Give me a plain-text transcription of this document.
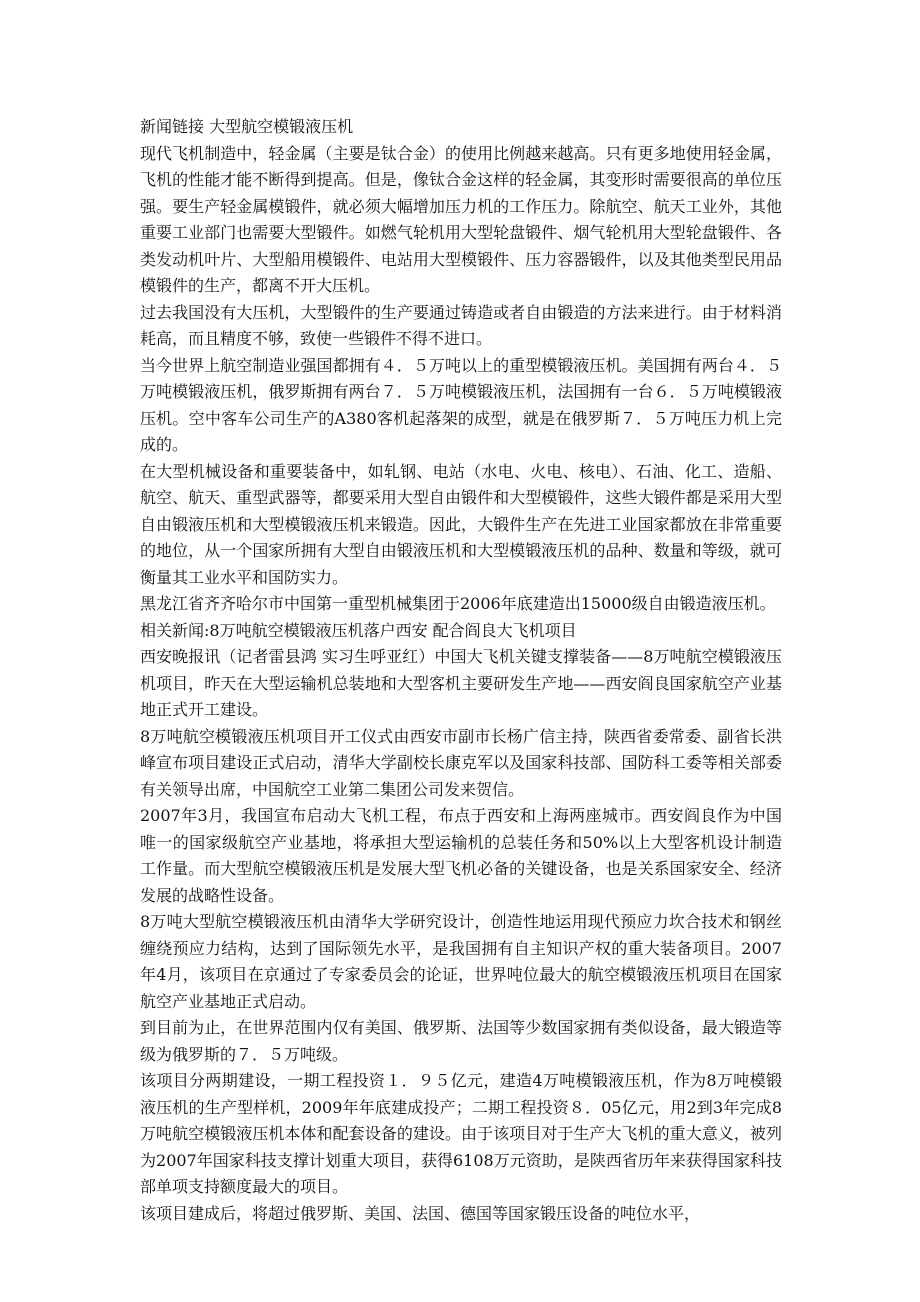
新闻链接 大型航空模锻液压机

现代飞机制造中，轻金属（主要是钛合金）的使用比例越来越高。只有更多地使用轻金属，飞机的性能才能不断得到提高。但是，像钛合金这样的轻金属，其变形时需要很高的单位压强。要生产轻金属模锻件，就必须大幅增加压力机的工作压力。除航空、航天工业外，其他重要工业部门也需要大型锻件。如燃气轮机用大型轮盘锻件、烟气轮机用大型轮盘锻件、各类发动机叶片、大型船用模锻件、电站用大型模锻件、压力容器锻件，以及其他类型民用品模锻件的生产，都离不开大压机。

过去我国没有大压机，大型锻件的生产要通过铸造或者自由锻造的方法来进行。由于材料消耗高，而且精度不够，致使一些锻件不得不进口。

当今世界上航空制造业强国都拥有４．５万吨以上的重型模锻液压机。美国拥有两台４．５万吨模锻液压机，俄罗斯拥有两台７．５万吨模锻液压机，法国拥有一台６．５万吨模锻液压机。空中客车公司生产的A380客机起落架的成型，就是在俄罗斯７．５万吨压力机上完成的。

在大型机械设备和重要装备中，如轧钢、电站（水电、火电、核电）、石油、化工、造船、航空、航天、重型武器等，都要采用大型自由锻件和大型模锻件，这些大锻件都是采用大型自由锻液压机和大型模锻液压机来锻造。因此，大锻件生产在先进工业国家都放在非常重要的地位，从一个国家所拥有大型自由锻液压机和大型模锻液压机的品种、数量和等级，就可衡量其工业水平和国防实力。

黑龙江省齐齐哈尔市中国第一重型机械集团于2006年底建造出15000级自由锻造液压机。

相关新闻:8万吨航空模锻液压机落户西安 配合阎良大飞机项目

西安晚报讯（记者雷县鸿 实习生呼亚红）中国大飞机关键支撑装备——8万吨航空模锻液压机项目，昨天在大型运输机总装地和大型客机主要研发生产地——西安阎良国家航空产业基地正式开工建设。

8万吨航空模锻液压机项目开工仪式由西安市副市长杨广信主持，陕西省委常委、副省长洪峰宣布项目建设正式启动，清华大学副校长康克军以及国家科技部、国防科工委等相关部委有关领导出席，中国航空工业第二集团公司发来贺信。

2007年3月，我国宣布启动大飞机工程，布点于西安和上海两座城市。西安阎良作为中国唯一的国家级航空产业基地，将承担大型运输机的总装任务和50%以上大型客机设计制造工作量。而大型航空模锻液压机是发展大型飞机必备的关键设备，也是关系国家安全、经济发展的战略性设备。

8万吨大型航空模锻液压机由清华大学研究设计，创造性地运用现代预应力坎合技术和钢丝缠绕预应力结构，达到了国际领先水平，是我国拥有自主知识产权的重大装备项目。2007年4月，该项目在京通过了专家委员会的论证，世界吨位最大的航空模锻液压机项目在国家航空产业基地正式启动。

到目前为止，在世界范围内仅有美国、俄罗斯、法国等少数国家拥有类似设备，最大锻造等级为俄罗斯的７．５万吨级。

该项目分两期建设，一期工程投资１．９５亿元，建造4万吨模锻液压机，作为8万吨模锻液压机的生产型样机，2009年年底建成投产；二期工程投资８．05亿元，用2到3年完成8万吨航空模锻液压机本体和配套设备的建设。由于该项目对于生产大飞机的重大意义，被列为2007年国家科技支撑计划重大项目，获得6108万元资助，是陕西省历年来获得国家科技部单项支持额度最大的项目。

该项目建成后，将超过俄罗斯、美国、法国、德国等国家锻压设备的吨位水平，
